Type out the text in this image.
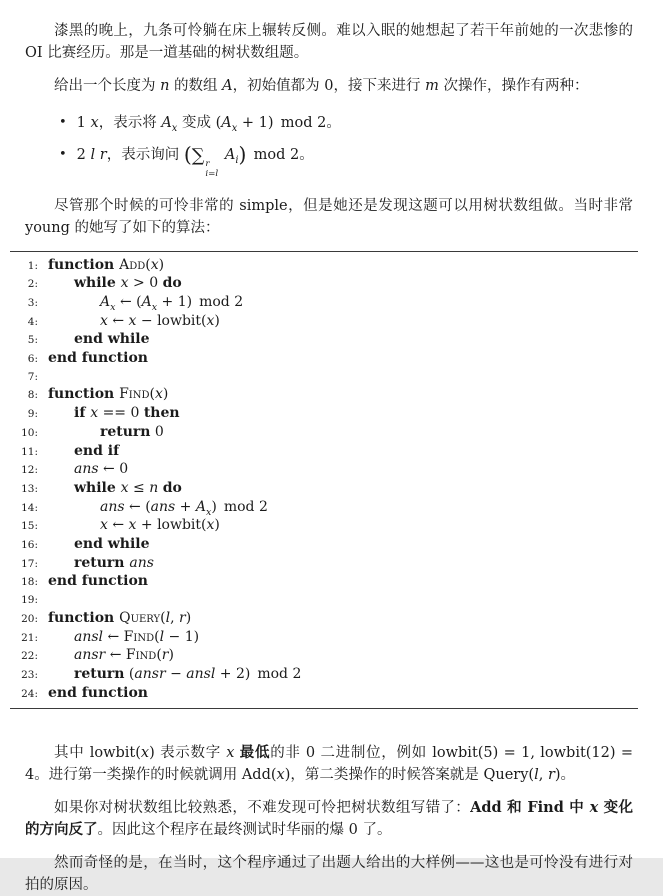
漆黑的晚上，九条可怜躺在床上辗转反侧。难以入眠的她想起了若干年前她的一次悲惨的 OI 比赛经历。那是一道基础的树状数组题。

给出一个长度为 n 的数组 A，初始值都为 0，接下来进行 m 次操作，操作有两种：

• 1 x，表示将 $A_x$ 变成 $(A_x + 1)$ mod 2。
• 2 l r，表示询问 (∑ r
i=l
$A_i$) mod 2。

尽管那个时候的可怜非常的 simple，但是她还是发现这题可以用树状数组做。当时非常 young 的她写了如下的算法：

1: function Add(x)
2:	while x > 0 do
3:	$A_x$ ← $(A_x + 1)$ mod 2
4:	x ← x − lowbit(x)
5:	end while
6: end function
7:
8: function Find(x)
9:	if x == 0 then
10:	return 0
11:	end if
12:	ans ← 0
13:	while x ≤ n do
14:	ans ← $(ans + A_x)$ mod 2
15:	x ← x + lowbit(x)
16:	end while
17:	return ans
18: end function
19:
20: function Query(l, r)
21:	ansl ← Find(l − 1)
22:	ansr ← Find(r)
23:	return (ansr − ansl + 2) mod 2
24: end function

其中 lowbit(x) 表示数字 x 最低的非 0 二进制位，例如 lowbit(5) = 1, lowbit(12) = 4。进行第一类操作的时候就调用 Add(x)，第二类操作的时候答案就是 Query(l, r)。

如果你对树状数组比较熟悉，不难发现可怜把树状数组写错了：Add 和 Find 中 x 变化的方向反了。因此这个程序在最终测试时华丽的爆 0 了。

然而奇怪的是，在当时，这个程序通过了出题人给出的大样例——这也是可怜没有进行对拍的原因。
